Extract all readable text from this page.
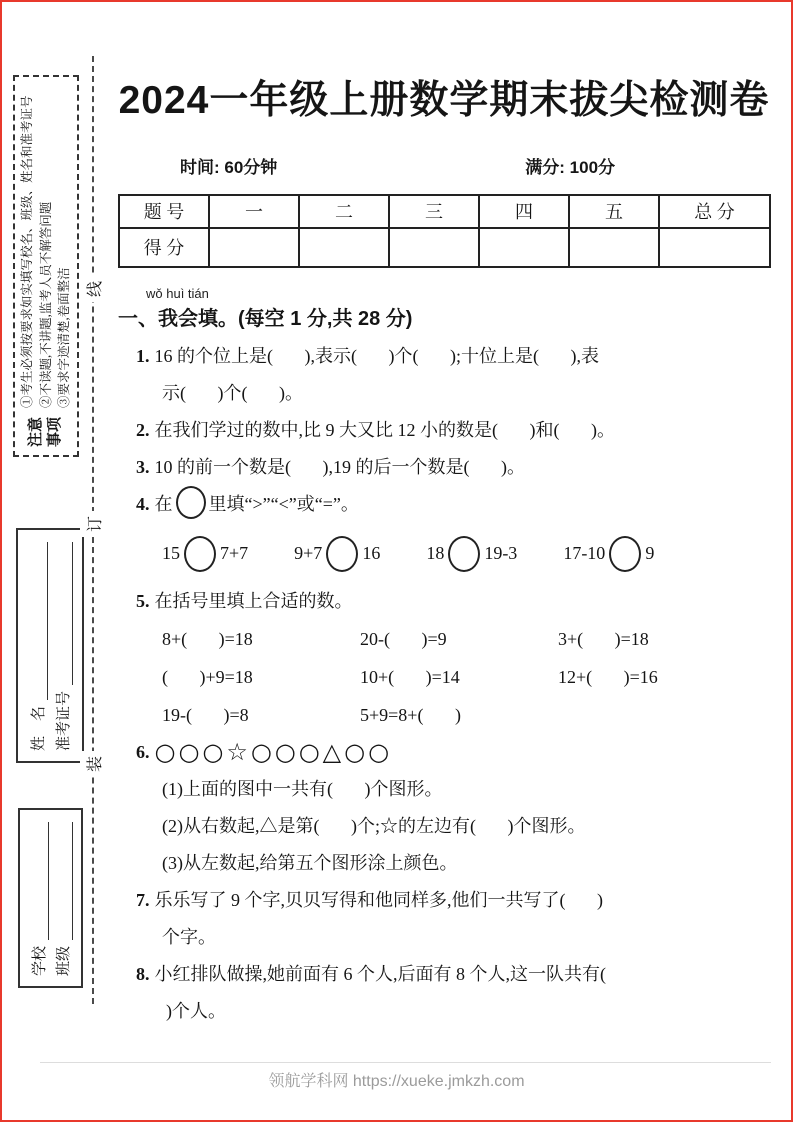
注意 事项
①考生必须按要求如实填写校名、班级、姓名和准考证号 ②不读题,不讲题,监考人员不解答问题 ③要求字迹清楚,卷面整洁 线
订
装
姓    名 准考证号
学校 班级
2024一年级上册数学期末拔尖检测卷
时间: 60分钟	满分: 100分
题 号	一	二	三	四	五	总 分
得 分						
wǒ huì tián
一、我会填。(每空 1 分,共 28 分)
1. 16 的个位上是(       ),表示(       )个(       );十位上是(       ),表
示(       )个(       )。
2. 在我们学过的数中,比 9 大又比 12 小的数是(       )和(       )。
3. 10 的前一个数是(       ),19 的后一个数是(       )。
4. 在 里填“>”“<”或“=”。
15 7+7	9+7 16	18 19-3	17-10 9
5. 在括号里填上合适的数。
8+(       )=18	20-(       )=9	3+(       )=18
(       )+9=18	10+(       )=14	12+(       )=16
19-(       )=8	5+9=8+(       )
6. ○○○☆○○○△○○
(1)上面的图中一共有(       )个图形。
(2)从右数起,△是第(       )个;☆的左边有(       )个图形。
(3)从左数起,给第五个图形涂上颜色。
7. 乐乐写了 9 个字,贝贝写得和他同样多,他们一共写了(       )
个字。
8. 小红排队做操,她前面有 6 个人,后面有 8 个人,这一队共有(
)个人。
领航学科网 https://xueke.jmkzh.com
